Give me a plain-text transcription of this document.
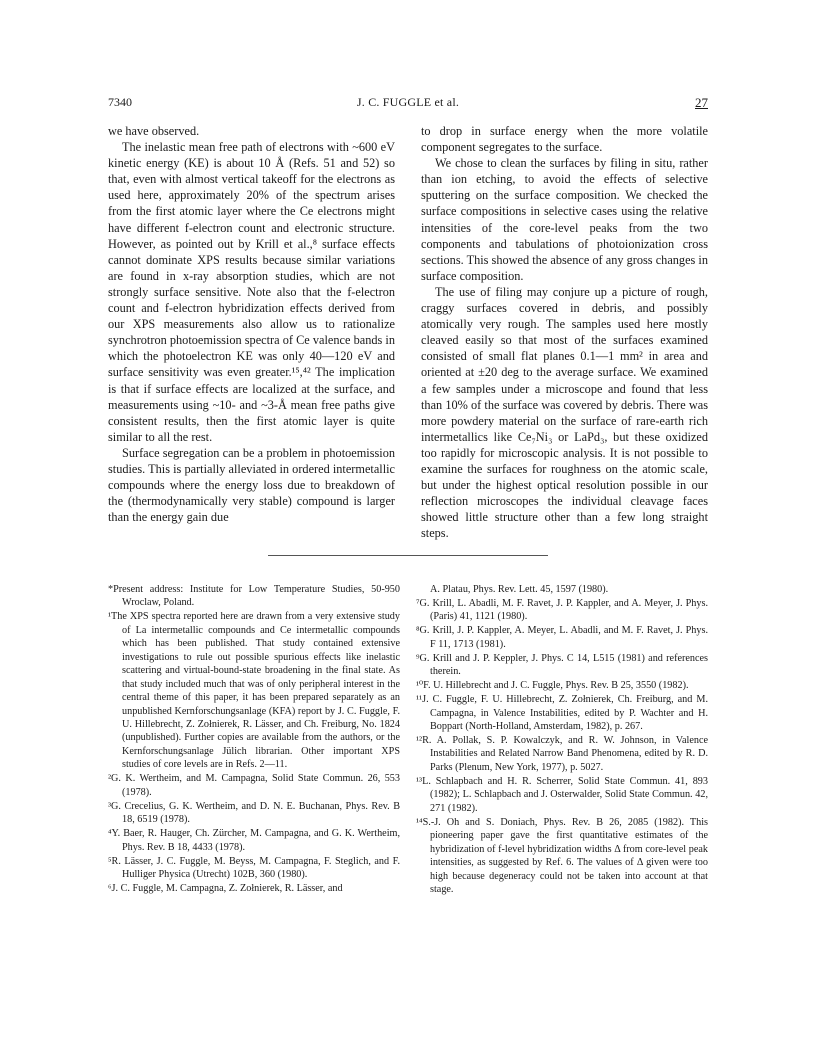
7340	J. C. FUGGLE et al.	27

we have observed.

The inelastic mean free path of electrons with ~600 eV kinetic energy (KE) is about 10 Å (Refs. 51 and 52) so that, even with almost vertical takeoff for the electrons as used here, approximately 20% of the spectrum arises from the first atomic layer where the Ce electrons might have different f-electron count and electronic structure. However, as pointed out by Krill et al.,⁸ surface effects cannot dominate XPS results because similar variations are found in x-ray absorption studies, which are not strongly surface sensitive. Note also that the f-electron count and f-electron hybridization effects derived from our XPS measurements also allow us to rationalize synchrotron photoemission spectra of Ce valence bands in which the photoelectron KE was only 40—120 eV and surface sensitivity was even greater.¹⁵,⁴² The implication is that if surface effects are localized at the surface, and measurements using ~10- and ~3-Å mean free paths give consistent results, then the first atomic layer is quite similar to all the rest.

Surface segregation can be a problem in photoemission studies. This is partially alleviated in ordered intermetallic compounds where the energy loss due to breakdown of the (thermodynamically very stable) compound is larger than the energy gain due

to drop in surface energy when the more volatile component segregates to the surface.

We chose to clean the surfaces by filing in situ, rather than ion etching, to avoid the effects of selective sputtering on the surface composition. We checked the surface compositions in selective cases using the relative intensities of the core-level peaks from the two components and tabulations of photoionization cross sections. This showed the absence of any gross changes in surface composition.

The use of filing may conjure up a picture of rough, craggy surfaces covered in debris, and possibly atomically very rough. The samples used here mostly cleaved easily so that most of the surfaces examined consisted of small flat planes 0.1—1 mm² in area and oriented at ±20 deg to the average surface. We examined a few samples under a microscope and found that less than 10% of the surface was covered by debris. There was more powdery material on the surface of rare-earth rich intermetallics like Ce₇Ni₃ or LaPd₃, but these oxidized too rapidly for microscopic analysis. It is not possible to examine the surfaces for roughness on the atomic scale, but under the highest optical resolution possible in our reflection microscopes the individual cleavage faces showed little structure other than a few long straight steps.

*Present address: Institute for Low Temperature Studies, 50-950 Wroclaw, Poland.

¹The XPS spectra reported here are drawn from a very extensive study of La intermetallic compounds and Ce intermetallic compounds which has been published. That study contained extensive investigations to rule out possible spurious effects like inelastic scattering and virtual-bound-state broadening in the final state. As that study included much that was of only peripheral interest in the central theme of this paper, it has been prepared separately as an unpublished Kernforschungsanlage (KFA) report by J. C. Fuggle, F. U. Hillebrecht, Z. Zołnierek, R. Lässer, and Ch. Freiburg, No. 1824 (unpublished). Further copies are available from the authors, or the Kernforschungsanlage Jülich librarian. Other important XPS studies of core levels are in Refs. 2—11.

²G. K. Wertheim, and M. Campagna, Solid State Commun. 26, 553 (1978).

³G. Crecelius, G. K. Wertheim, and D. N. E. Buchanan, Phys. Rev. B 18, 6519 (1978).

⁴Y. Baer, R. Hauger, Ch. Zürcher, M. Campagna, and G. K. Wertheim, Phys. Rev. B 18, 4433 (1978).

⁵R. Lässer, J. C. Fuggle, M. Beyss, M. Campagna, F. Steglich, and F. Hulliger Physica (Utrecht) 102B, 360 (1980).

⁶J. C. Fuggle, M. Campagna, Z. Zołnierek, R. Lässer, and

A. Platau, Phys. Rev. Lett. 45, 1597 (1980).

⁷G. Krill, L. Abadli, M. F. Ravet, J. P. Kappler, and A. Meyer, J. Phys. (Paris) 41, 1121 (1980).

⁸G. Krill, J. P. Kappler, A. Meyer, L. Abadli, and M. F. Ravet, J. Phys. F 11, 1713 (1981).

⁹G. Krill and J. P. Keppler, J. Phys. C 14, L515 (1981) and references therein.

¹⁰F. U. Hillebrecht and J. C. Fuggle, Phys. Rev. B 25, 3550 (1982).

¹¹J. C. Fuggle, F. U. Hillebrecht, Z. Zołnierek, Ch. Freiburg, and M. Campagna, in Valence Instabilities, edited by P. Wachter and H. Boppart (North-Holland, Amsterdam, 1982), p. 267.

¹²R. A. Pollak, S. P. Kowalczyk, and R. W. Johnson, in Valence Instabilities and Related Narrow Band Phenomena, edited by R. D. Parks (Plenum, New York, 1977), p. 5027.

¹³L. Schlapbach and H. R. Scherrer, Solid State Commun. 41, 893 (1982); L. Schlapbach and J. Osterwalder, Solid State Commun. 42, 271 (1982).

¹⁴S.-J. Oh and S. Doniach, Phys. Rev. B 26, 2085 (1982). This pioneering paper gave the first quantitative estimates of the hybridization of f-level hybridization widths Δ from core-level peak intensities, as suggested by Ref. 6. The values of Δ given were too high because degeneracy could not be taken into account at that stage.
